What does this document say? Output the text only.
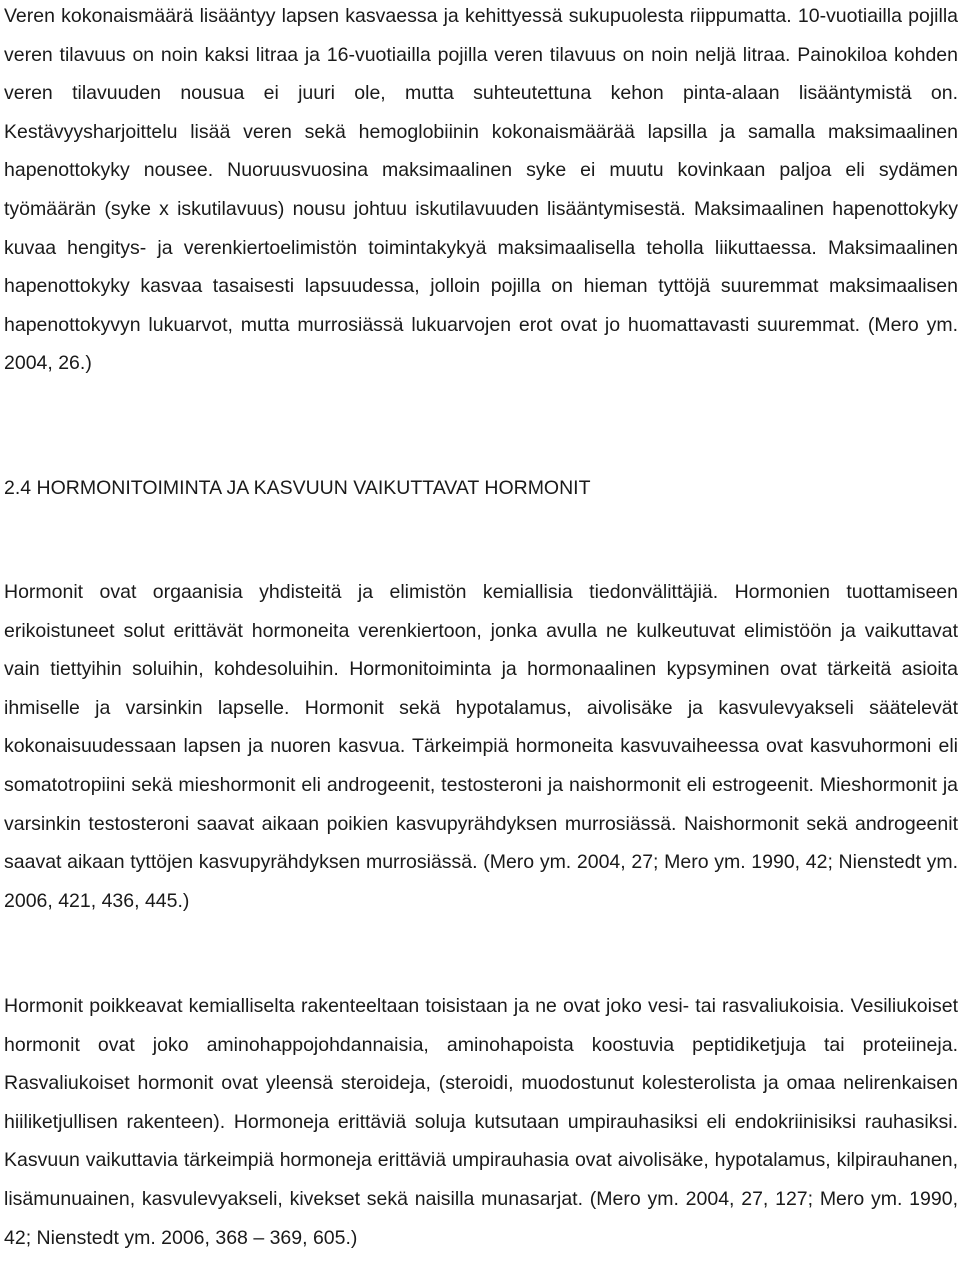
Veren kokonaismäärä lisääntyy lapsen kasvaessa ja kehittyessä sukupuolesta riippumatta. 10-vuotiailla pojilla veren tilavuus on noin kaksi litraa ja 16-vuotiailla pojilla veren tilavuus on noin neljä litraa. Painokiloa kohden veren tilavuuden nousua ei juuri ole, mutta suhteutettuna kehon pinta-alaan lisääntymistä on. Kestävyysharjoittelu lisää veren sekä hemoglobiinin kokonaismäärää lapsilla ja samalla maksimaalinen hapenottokyky nousee. Nuoruusvuosina maksimaalinen syke ei muutu kovinkaan paljoa eli sydämen työmäärän (syke x iskutilavuus) nousu johtuu iskutilavuuden lisääntymisestä. Maksimaalinen hapenottokyky kuvaa hengitys- ja verenkiertoelimistön toimintakykyä maksimaalisella teholla liikuttaessa. Maksimaalinen hapenottokyky kasvaa tasaisesti lapsuudessa, jolloin pojilla on hieman tyttöjä suuremmat maksimaalisen hapenottokyvyn lukuarvot, mutta murrosiässä lukuarvojen erot ovat jo huomattavasti suuremmat. (Mero ym. 2004, 26.)

2.4 HORMONITOIMINTA JA KASVUUN VAIKUTTAVAT HORMONIT

Hormonit ovat orgaanisia yhdisteitä ja elimistön kemiallisia tiedonvälittäjiä. Hormonien tuottamiseen erikoistuneet solut erittävät hormoneita verenkiertoon, jonka avulla ne kulkeutuvat elimistöön ja vaikuttavat vain tiettyihin soluihin, kohdesoluihin. Hormonitoiminta ja hormonaalinen kypsyminen ovat tärkeitä asioita ihmiselle ja varsinkin lapselle. Hormonit sekä hypotalamus, aivolisäke ja kasvulevyakseli säätelevät kokonaisuudessaan lapsen ja nuoren kasvua. Tärkeimpiä hormoneita kasvuvaiheessa ovat kasvuhormoni eli somatotropiini sekä mieshormonit eli androgeenit, testosteroni ja naishormonit eli estrogeenit. Mieshormonit ja varsinkin testosteroni saavat aikaan poikien kasvupyrähdyksen murrosiässä. Naishormonit sekä androgeenit saavat aikaan tyttöjen kasvupyrähdyksen murrosiässä. (Mero ym. 2004, 27; Mero ym. 1990, 42; Nienstedt ym. 2006, 421, 436, 445.)

Hormonit poikkeavat kemialliselta rakenteeltaan toisistaan ja ne ovat joko vesi- tai rasvaliukoisia. Vesiliukoiset hormonit ovat joko aminohappojohdannaisia, aminohapoista koostuvia peptidiketjuja tai proteiineja. Rasvaliukoiset hormonit ovat yleensä steroideja, (steroidi, muodostunut kolesterolista ja omaa nelirenkaisen hiiliketjullisen rakenteen). Hormoneja erittäviä soluja kutsutaan umpirauhasiksi eli endokriinisiksi rauhasiksi. Kasvuun vaikuttavia tärkeimpiä hormoneja erittäviä umpirauhasia ovat aivolisäke, hypotalamus, kilpirauhanen, lisämunuainen, kasvulevyakseli, kivekset sekä naisilla munasarjat. (Mero ym. 2004, 27, 127; Mero ym. 1990, 42; Nienstedt ym. 2006, 368 – 369, 605.)
